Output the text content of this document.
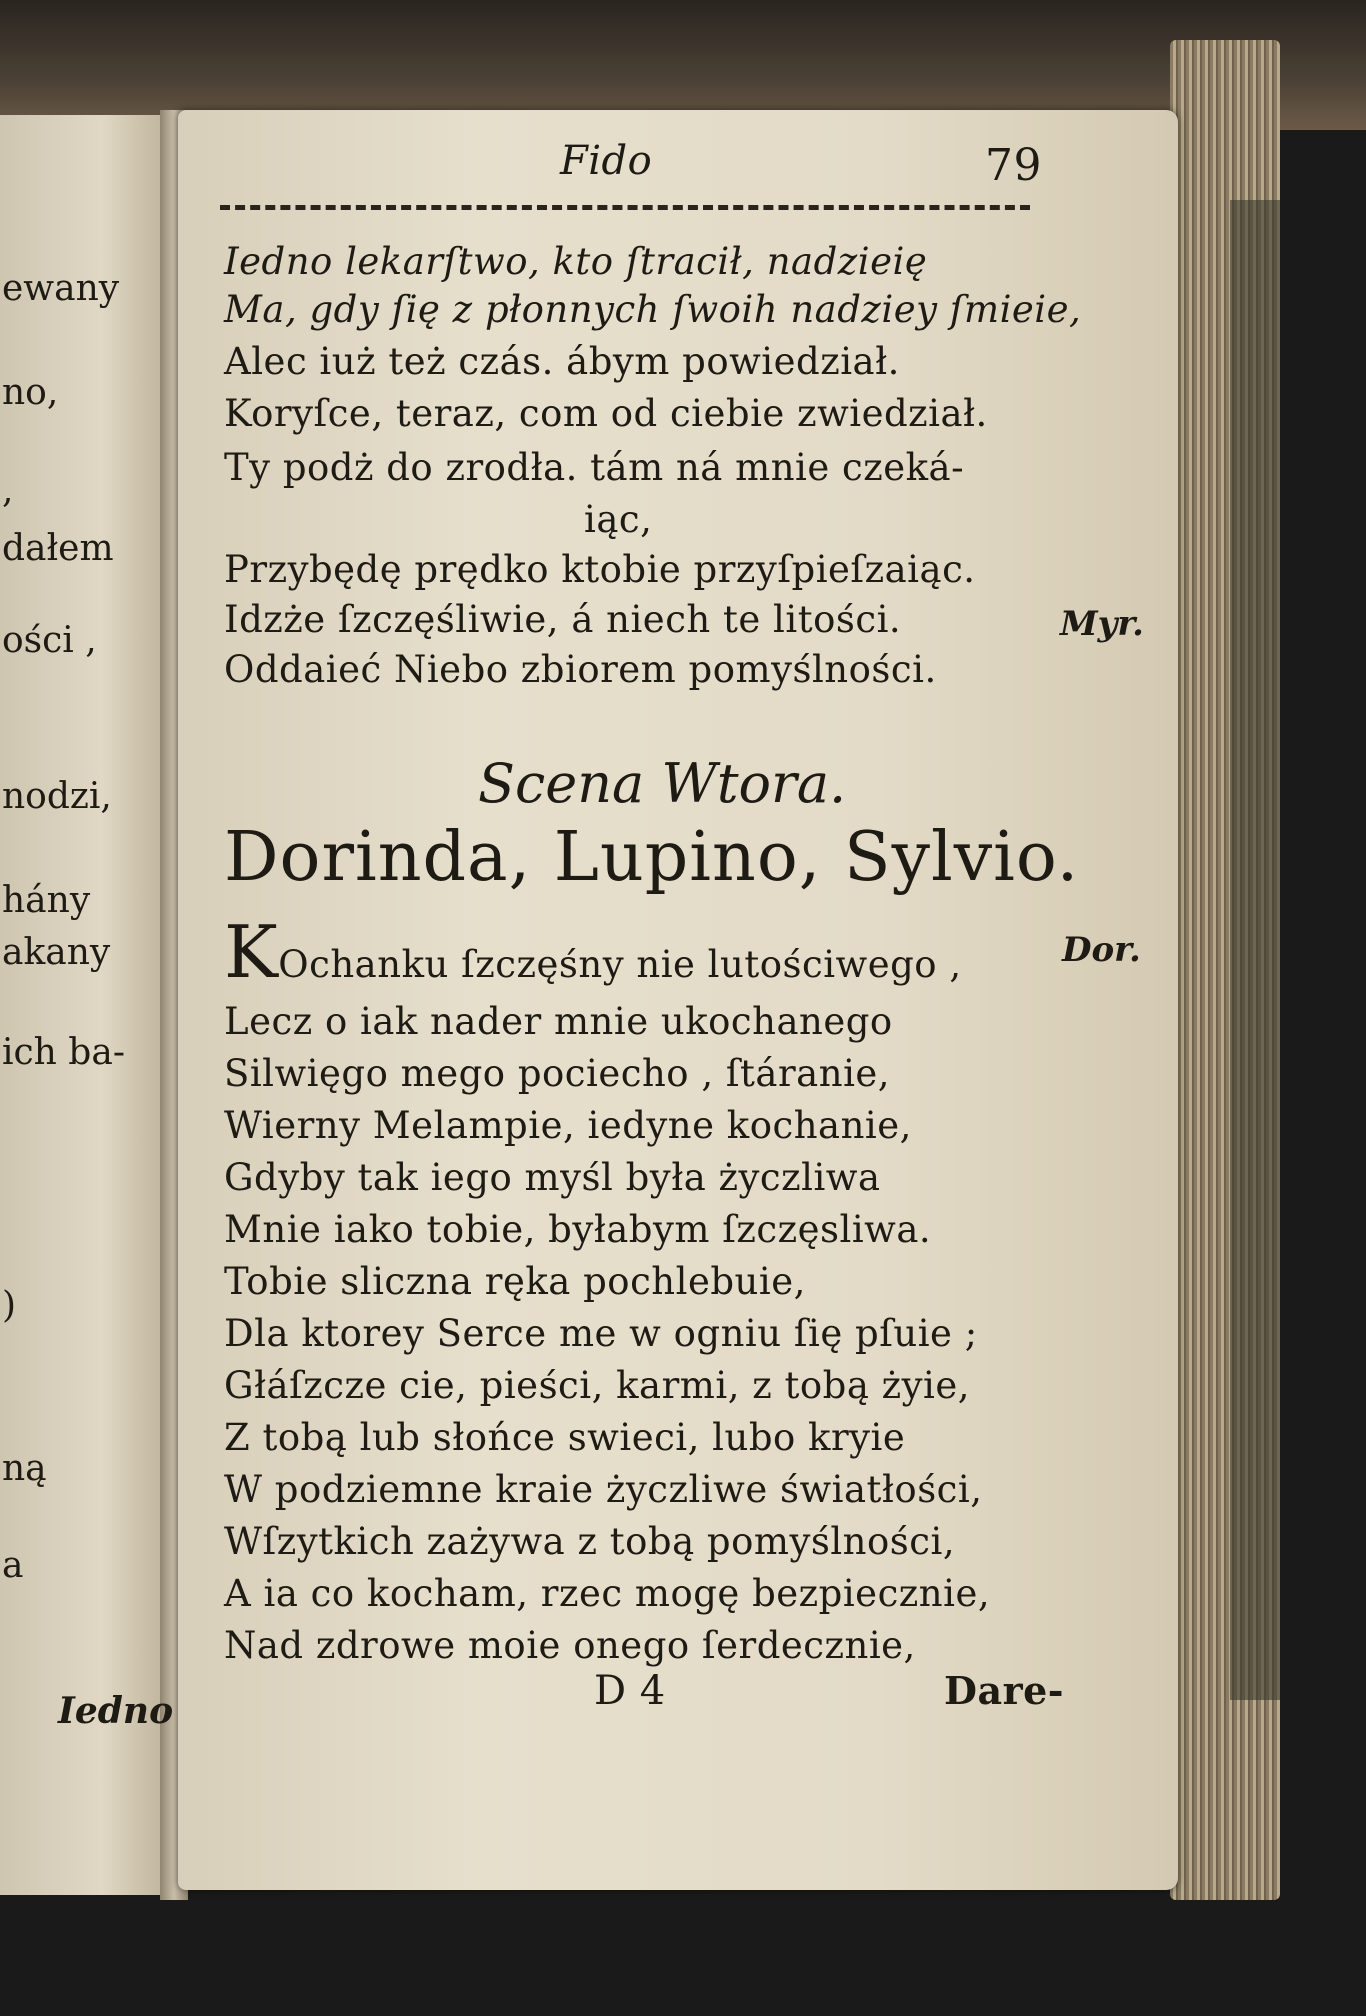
ewany
no,
,
dałem
ości ,
nodzi,
hány
akany
ich ba-
)
ną
a
Iedno
Fido	79
Iedno lekarſtwo, kto ſtracił, nadzieię
Ma, gdy ſię z płonnych ſwoih nadziey ſmieie,
Alec iuż też czás. ábym powiedział.
Koryſce, teraz, com od ciebie zwiedział.
Ty podż do zrodła. tám ná mnie czeká-
iąc,
Przybędę prędko ktobie przyſpieſzaiąc.
Idzże ſzczęśliwie, á niech te litości.
Oddaieć Niebo zbiorem pomyślności.
Myr.
Scena Wtora.
Dorinda, Lupino, Sylvio.
Dor.
KOchanku ſzczęśny nie lutościwego ,
Lecz o iak nader mnie ukochanego
Silwięgo mego pociecho , ſtáranie,
Wierny Melampie, iedyne kochanie,
Gdyby tak iego myśl była życzliwa
Mnie iako tobie, byłabym ſzczęsliwa.
Tobie sliczna ręka pochlebuie,
Dla ktorey Serce me w ogniu ſię pſuie ;
Głáſzcze cie, pieści, karmi, z tobą żyie,
Z tobą lub słońce swieci, lubo kryie
W podziemne kraie życzliwe światłości,
Wſzytkich zażywa z tobą pomyślności,
A ia co kocham, rzec mogę bezpiecznie,
Nad zdrowe moie onego ſerdecznie,
D 4	Dare-
